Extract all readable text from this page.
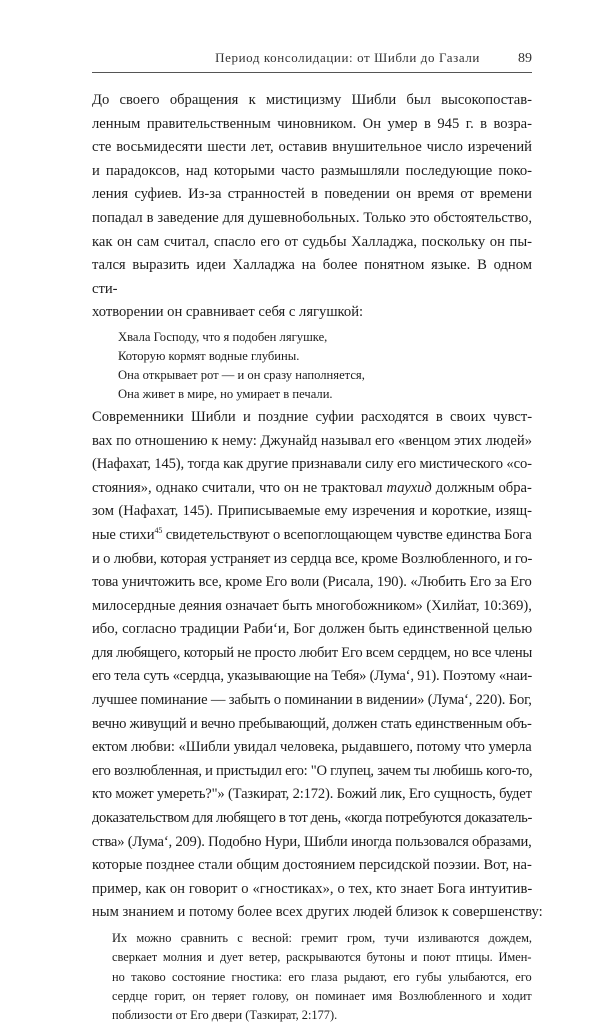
Период консолидации: от Шибли до Газали	89

До своего обращения к мистицизму Шибли был высокопостав-
ленным правительственным чиновником. Он умер в 945 г. в возра-
сте восьмидесяти шести лет, оставив внушительное число изречений
и парадоксов, над которыми часто размышляли последующие поко-
ления суфиев. Из-за странностей в поведении он время от времени
попадал в заведение для душевнобольных. Только это обстоятельство,
как он сам считал, спасло его от судьбы Халладжа, поскольку он пы-
тался выразить идеи Халладжа на более понятном языке. В одном сти-
хотворении он сравнивает себя с лягушкой:

Хвала Господу, что я подобен лягушке,
Которую кормят водные глубины.
Она открывает рот — и он сразу наполняется,
Она живет в мире, но умирает в печали.

Современники Шибли и поздние суфии расходятся в своих чувст-
вах по отношению к нему: Джунайд называл его «венцом этих людей»
(Нафахат, 145), тогда как другие признавали силу его мистического «со-
стояния», однако считали, что он не трактовал таухид должным обра-
зом (Нафахат, 145). Приписываемые ему изречения и короткие, изящ-
ные стихи$^{45}$ свидетельствуют о всепоглощающем чувстве единства Бога
и о любви, которая устраняет из сердца все, кроме Возлюбленного, и го-
това уничтожить все, кроме Его воли (Рисала, 190). «Любить Его за Его
милосердные деяния означает быть многобожником» (Хилйат, 10:369),
ибо, согласно традиции Раби‘и, Бог должен быть единственной целью
для любящего, который не просто любит Его всем сердцем, но все члены
его тела суть «сердца, указывающие на Тебя» (Лума‘, 91). Поэтому «наи-
лучшее поминание — забыть о поминании в видении» (Лума‘, 220). Бог,
вечно живущий и вечно пребывающий, должен стать единственным объ-
ектом любви: «Шибли увидал человека, рыдавшего, потому что умерла
его возлюбленная, и пристыдил его: "О глупец, зачем ты любишь кого-то,
кто может умереть?"» (Тазкират, 2:172). Божий лик, Его сущность, будет
доказательством для любящего в тот день, «когда потребуются доказатель-
ства» (Лума‘, 209). Подобно Нури, Шибли иногда пользовался образами,
которые позднее стали общим достоянием персидской поэзии. Вот, на-
пример, как он говорит о «гностиках», о тех, кто знает Бога интуитив-
ным знанием и потому более всех других людей близок к совершенству:

Их можно сравнить с весной: гремит гром, тучи изливаются дождем,
сверкает молния и дует ветер, раскрываются бутоны и поют птицы. Имен-
но таково состояние гностика: его глаза рыдают, его губы улыбаются, его
сердце горит, он теряет голову, он поминает имя Возлюбленного и ходит
поблизости от Его двери (Тазкират, 2:177).
